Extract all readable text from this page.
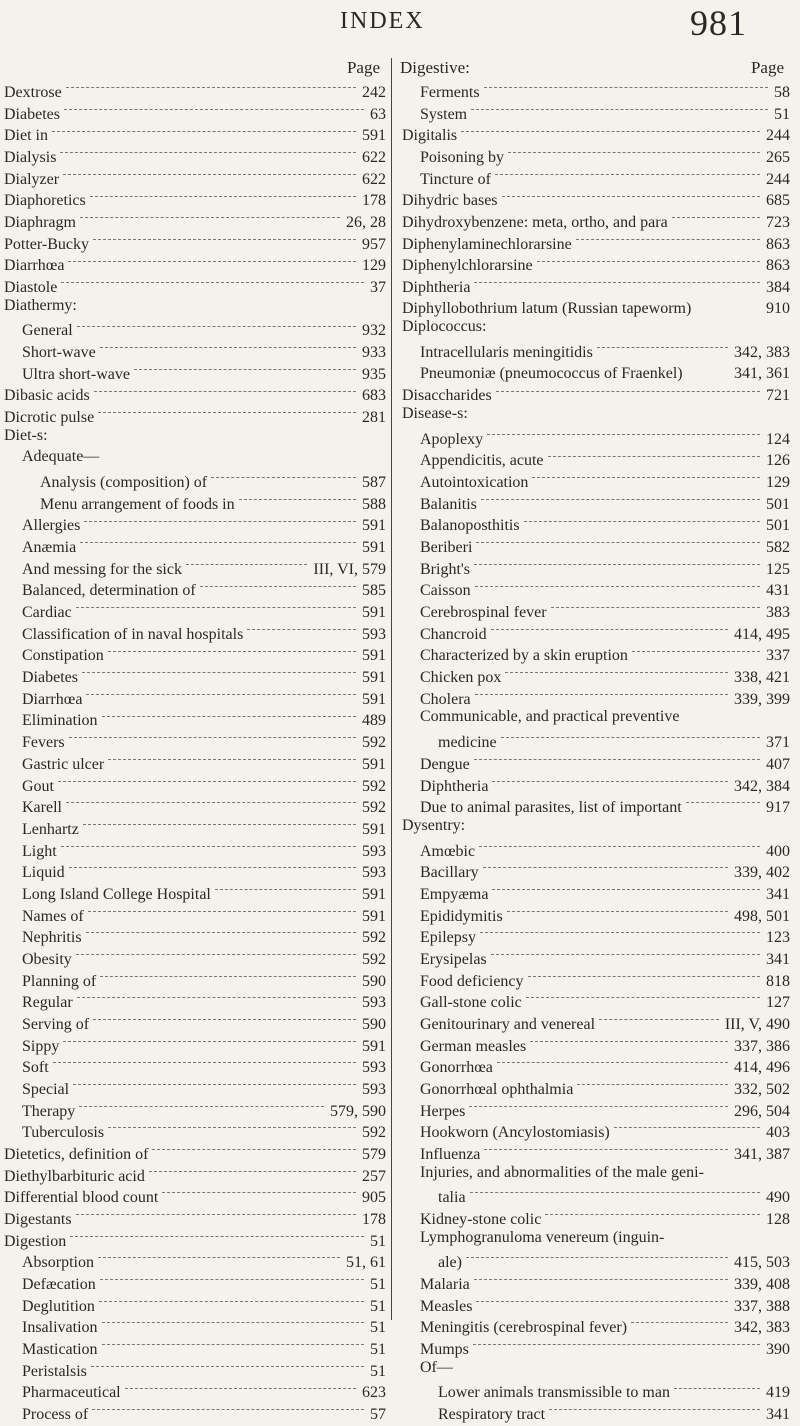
INDEX	981
Page
Dextrose	242
Diabetes	63
Diet in	591
Dialysis	622
Dialyzer	622
Diaphoretics	178
Diaphragm	26, 28
Potter-Bucky	957
Diarrhœa	129
Diastole	37
Diathermy:
General	932
Short-wave	933
Ultra short-wave	935
Dibasic acids	683
Dicrotic pulse	281
Diet-s:
Adequate—
Analysis (composition) of	587
Menu arrangement of foods in	588
Allergies	591
Anæmia	591
And messing for the sick	III, VI, 579
Balanced, determination of	585
Cardiac	591
Classification of in naval hospitals	593
Constipation	591
Diabetes	591
Diarrhœa	591
Elimination	489
Fevers	592
Gastric ulcer	591
Gout	592
Karell	592
Lenhartz	591
Light	593
Liquid	593
Long Island College Hospital	591
Names of	591
Nephritis	592
Obesity	592
Planning of	590
Regular	593
Serving of	590
Sippy	591
Soft	593
Special	593
Therapy	579, 590
Tuberculosis	592
Dietetics, definition of	579
Diethylbarbituric acid	257
Differential blood count	905
Digestants	178
Digestion	51
Absorption	51, 61
Defæcation	51
Deglutition	51
Insalivation	51
Mastication	51
Peristalsis	51
Pharmaceutical	623
Process of	57
Digestive:	Page
Ferments	58
System	51
Digitalis	244
Poisoning by	265
Tincture of	244
Dihydric bases	685
Dihydroxybenzene: meta, ortho, and para	723
Diphenylaminechlorarsine	863
Diphenylchlorarsine	863
Diphtheria	384
Diphyllobothrium latum (Russian tapeworm)	910
Diplococcus:
Intracellularis meningitidis	342, 383
Pneumoniæ (pneumococcus of Fraenkel)	341, 361
Disaccharides	721
Disease-s:
Apoplexy	124
Appendicitis, acute	126
Autointoxication	129
Balanitis	501
Balanoposthitis	501
Beriberi	582
Bright's	125
Caisson	431
Cerebrospinal fever	383
Chancroid	414, 495
Characterized by a skin eruption	337
Chicken pox	338, 421
Cholera	339, 399
Communicable, and practical preventive
medicine	371
Dengue	407
Diphtheria	342, 384
Due to animal parasites, list of important	917
Dysentry:
Amœbic	400
Bacillary	339, 402
Empyæma	341
Epididymitis	498, 501
Epilepsy	123
Erysipelas	341
Food deficiency	818
Gall-stone colic	127
Genitourinary and venereal	III, V, 490
German measles	337, 386
Gonorrhœa	414, 496
Gonorrhœal ophthalmia	332, 502
Herpes	296, 504
Hookworn (Ancylostomiasis)	403
Influenza	341, 387
Injuries, and abnormalities of the male geni-
talia	490
Kidney-stone colic	128
Lymphogranuloma venereum (inguin-
ale)	415, 503
Malaria	339, 408
Measles	337, 388
Meningitis (cerebrospinal fever)	342, 383
Mumps	390
Of—
Lower animals transmissible to man	419
Respiratory tract	341
